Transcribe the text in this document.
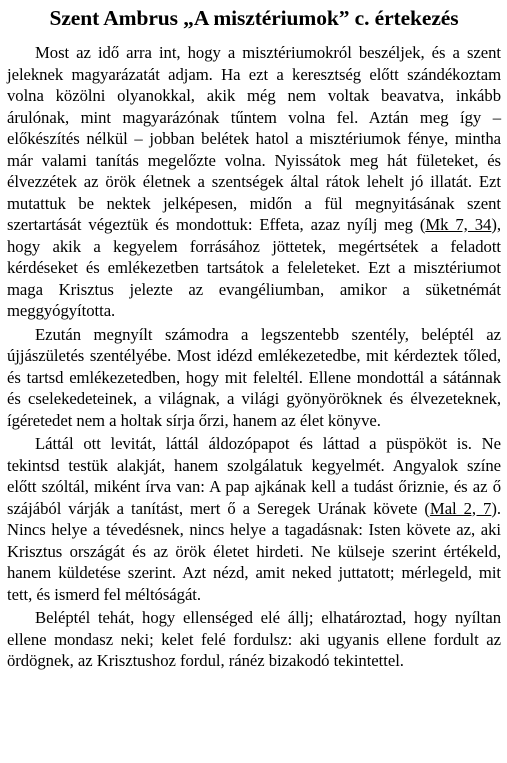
Szent Ambrus „A misztériumok” c. értekezés

Most az idő arra int, hogy a misztériumokról beszéljek, és a szent jeleknek magyarázatát adjam. Ha ezt a keresztség előtt szándékoztam volna közölni olyanokkal, akik még nem voltak beavatva, inkább árulónak, mint magyarázónak tűntem volna fel. Aztán meg így – előkészítés nélkül – jobban belétek hatol a misztériumok fénye, mintha már valami tanítás megelőzte volna. Nyissátok meg hát fületeket, és élvezzétek az örök életnek a szentségek által rátok lehelt jó illatát. Ezt mutattuk be nektek jelképesen, midőn a fül megnyitásának szent szertartását végeztük és mondottuk: Effeta, azaz nyílj meg (Mk 7, 34), hogy akik a kegyelem forrásához jöttetek, megértsétek a feladott kérdéseket és emlékezetben tartsátok a feleleteket. Ezt a misztériumot maga Krisztus jelezte az evangéliumban, amikor a süketnémát meggyógyította.

Ezután megnyílt számodra a legszentebb szentély, beléptél az újjászületés szentélyébe. Most idézd emlékezetedbe, mit kérdeztek tőled, és tartsd emlékezetedben, hogy mit feleltél. Ellene mondottál a sátánnak és cselekedeteinek, a világnak, a világi gyönyöröknek és élvezeteknek, ígéretedet nem a holtak sírja őrzi, hanem az élet könyve.

Láttál ott levitát, láttál áldozópapot és láttad a püspököt is. Ne tekintsd testük alakját, hanem szolgálatuk kegyelmét. Angyalok színe előtt szóltál, miként írva van: A pap ajkának kell a tudást őriznie, és az ő szájából várják a tanítást, mert ő a Seregek Urának követe (Mal 2, 7). Nincs helye a tévedésnek, nincs helye a tagadásnak: Isten követe az, aki Krisztus országát és az örök életet hirdeti. Ne külseje szerint értékeld, hanem küldetése szerint. Azt nézd, amit neked juttatott; mérlegeld, mit tett, és ismerd fel méltóságát.

Beléptél tehát, hogy ellenséged elé állj; elhatároztad, hogy nyíltan ellene mondasz neki; kelet felé fordulsz: aki ugyanis ellene fordult az ördögnek, az Krisztushoz fordul, ránéz bizakodó tekintettel.
